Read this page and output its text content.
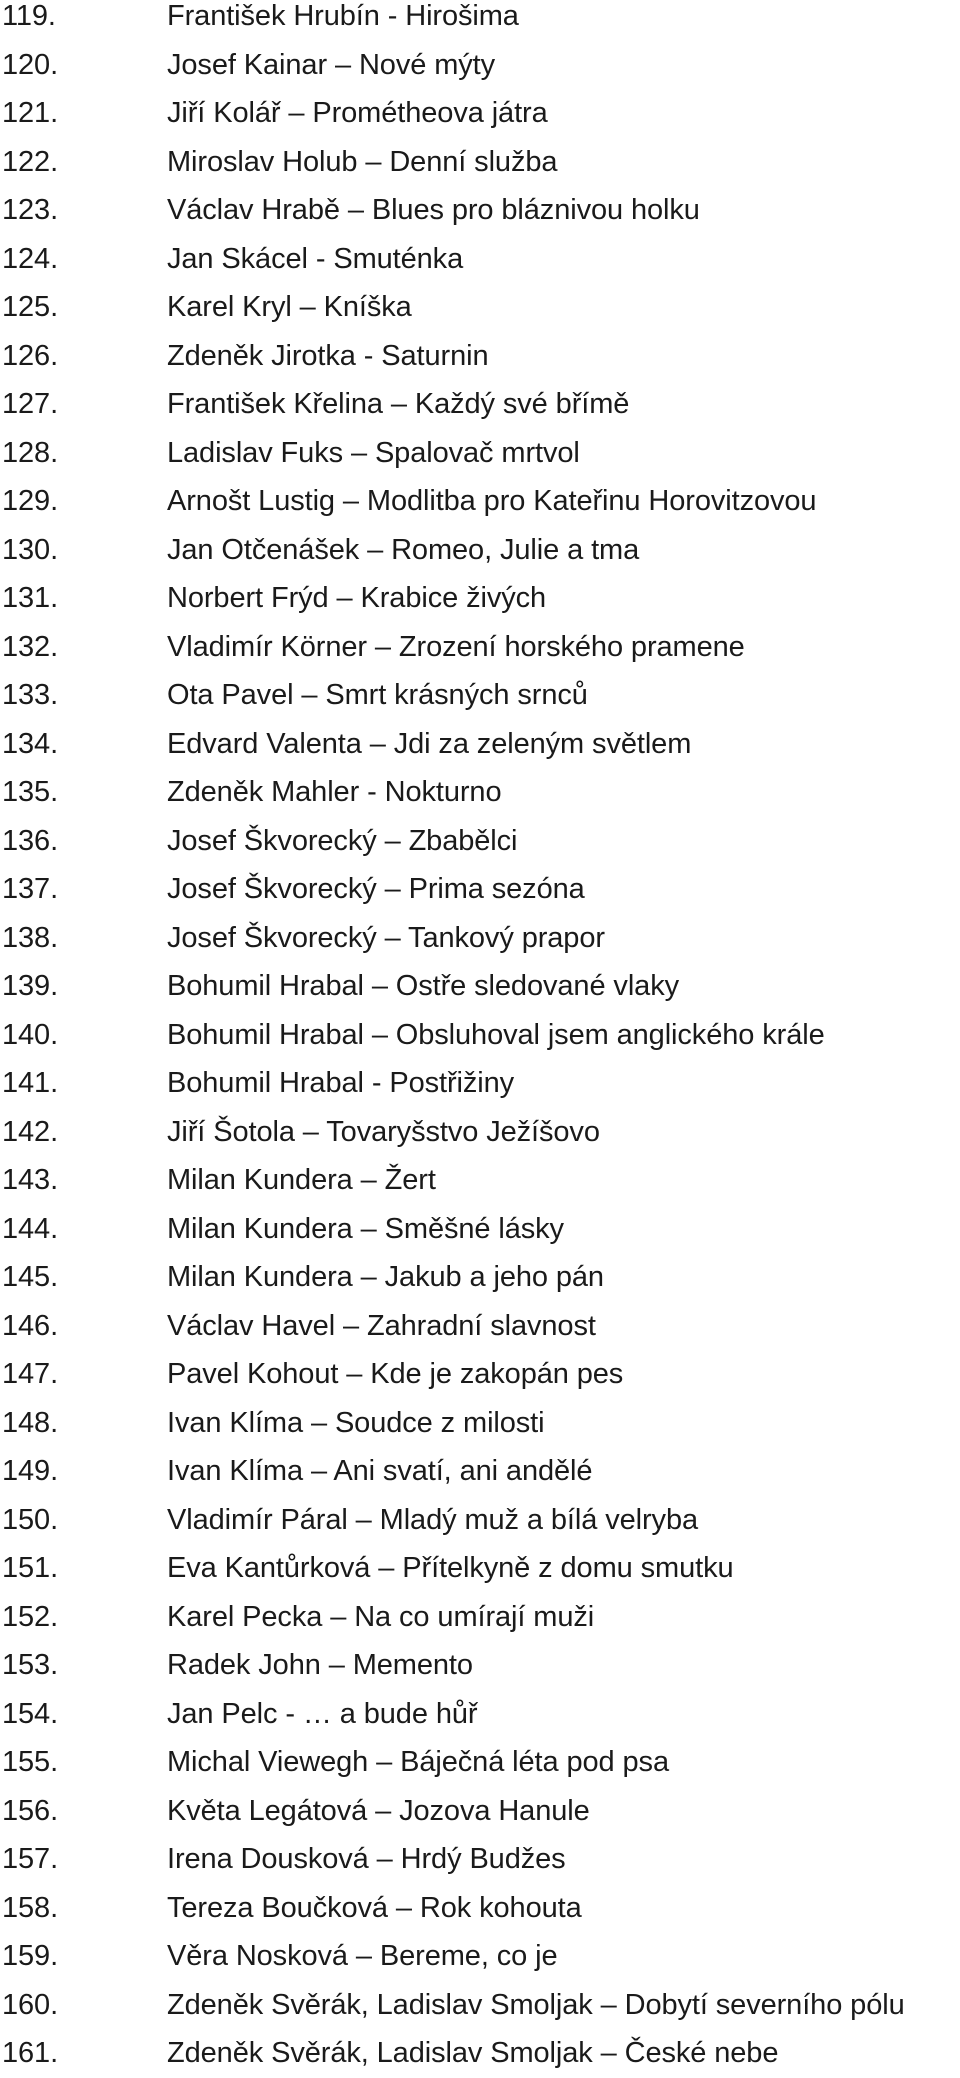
119.	František Hrubín - Hirošima
120.	Josef Kainar – Nové mýty
121.	Jiří Kolář – Prométheova játra
122.	Miroslav Holub – Denní služba
123.	Václav Hrabě – Blues pro bláznivou holku
124.	Jan Skácel - Smuténka
125.	Karel Kryl – Kníška
126.	Zdeněk Jirotka - Saturnin
127.	František Křelina – Každý své břímě
128.	Ladislav Fuks – Spalovač mrtvol
129.	Arnošt Lustig – Modlitba pro Kateřinu Horovitzovou
130.	Jan Otčenášek – Romeo, Julie a tma
131.	Norbert Frýd – Krabice živých
132.	Vladimír Körner – Zrození horského pramene
133.	Ota Pavel – Smrt krásných srnců
134.	Edvard Valenta – Jdi za zeleným světlem
135.	Zdeněk Mahler - Nokturno
136.	Josef Škvorecký – Zbabělci
137.	Josef Škvorecký – Prima sezóna
138.	Josef Škvorecký – Tankový prapor
139.	Bohumil Hrabal – Ostře sledované vlaky
140.	Bohumil Hrabal – Obsluhoval jsem anglického krále
141.	Bohumil Hrabal - Postřižiny
142.	Jiří Šotola – Tovaryšstvo Ježíšovo
143.	Milan Kundera – Žert
144.	Milan Kundera – Směšné lásky
145.	Milan Kundera – Jakub a jeho pán
146.	Václav Havel – Zahradní slavnost
147.	Pavel Kohout – Kde je zakopán pes
148.	Ivan Klíma – Soudce z milosti
149.	Ivan Klíma – Ani svatí, ani andělé
150.	Vladimír Páral – Mladý muž a bílá velryba
151.	Eva Kantůrková – Přítelkyně z domu smutku
152.	Karel Pecka – Na co umírají muži
153.	Radek John – Memento
154.	Jan Pelc - … a bude hůř
155.	Michal Viewegh – Báječná léta pod psa
156.	Květa Legátová – Jozova Hanule
157.	Irena Dousková – Hrdý Budžes
158.	Tereza Boučková – Rok kohouta
159.	Věra Nosková – Bereme, co je
160.	Zdeněk Svěrák, Ladislav Smoljak – Dobytí severního pólu
161.	Zdeněk Svěrák, Ladislav Smoljak – České nebe
